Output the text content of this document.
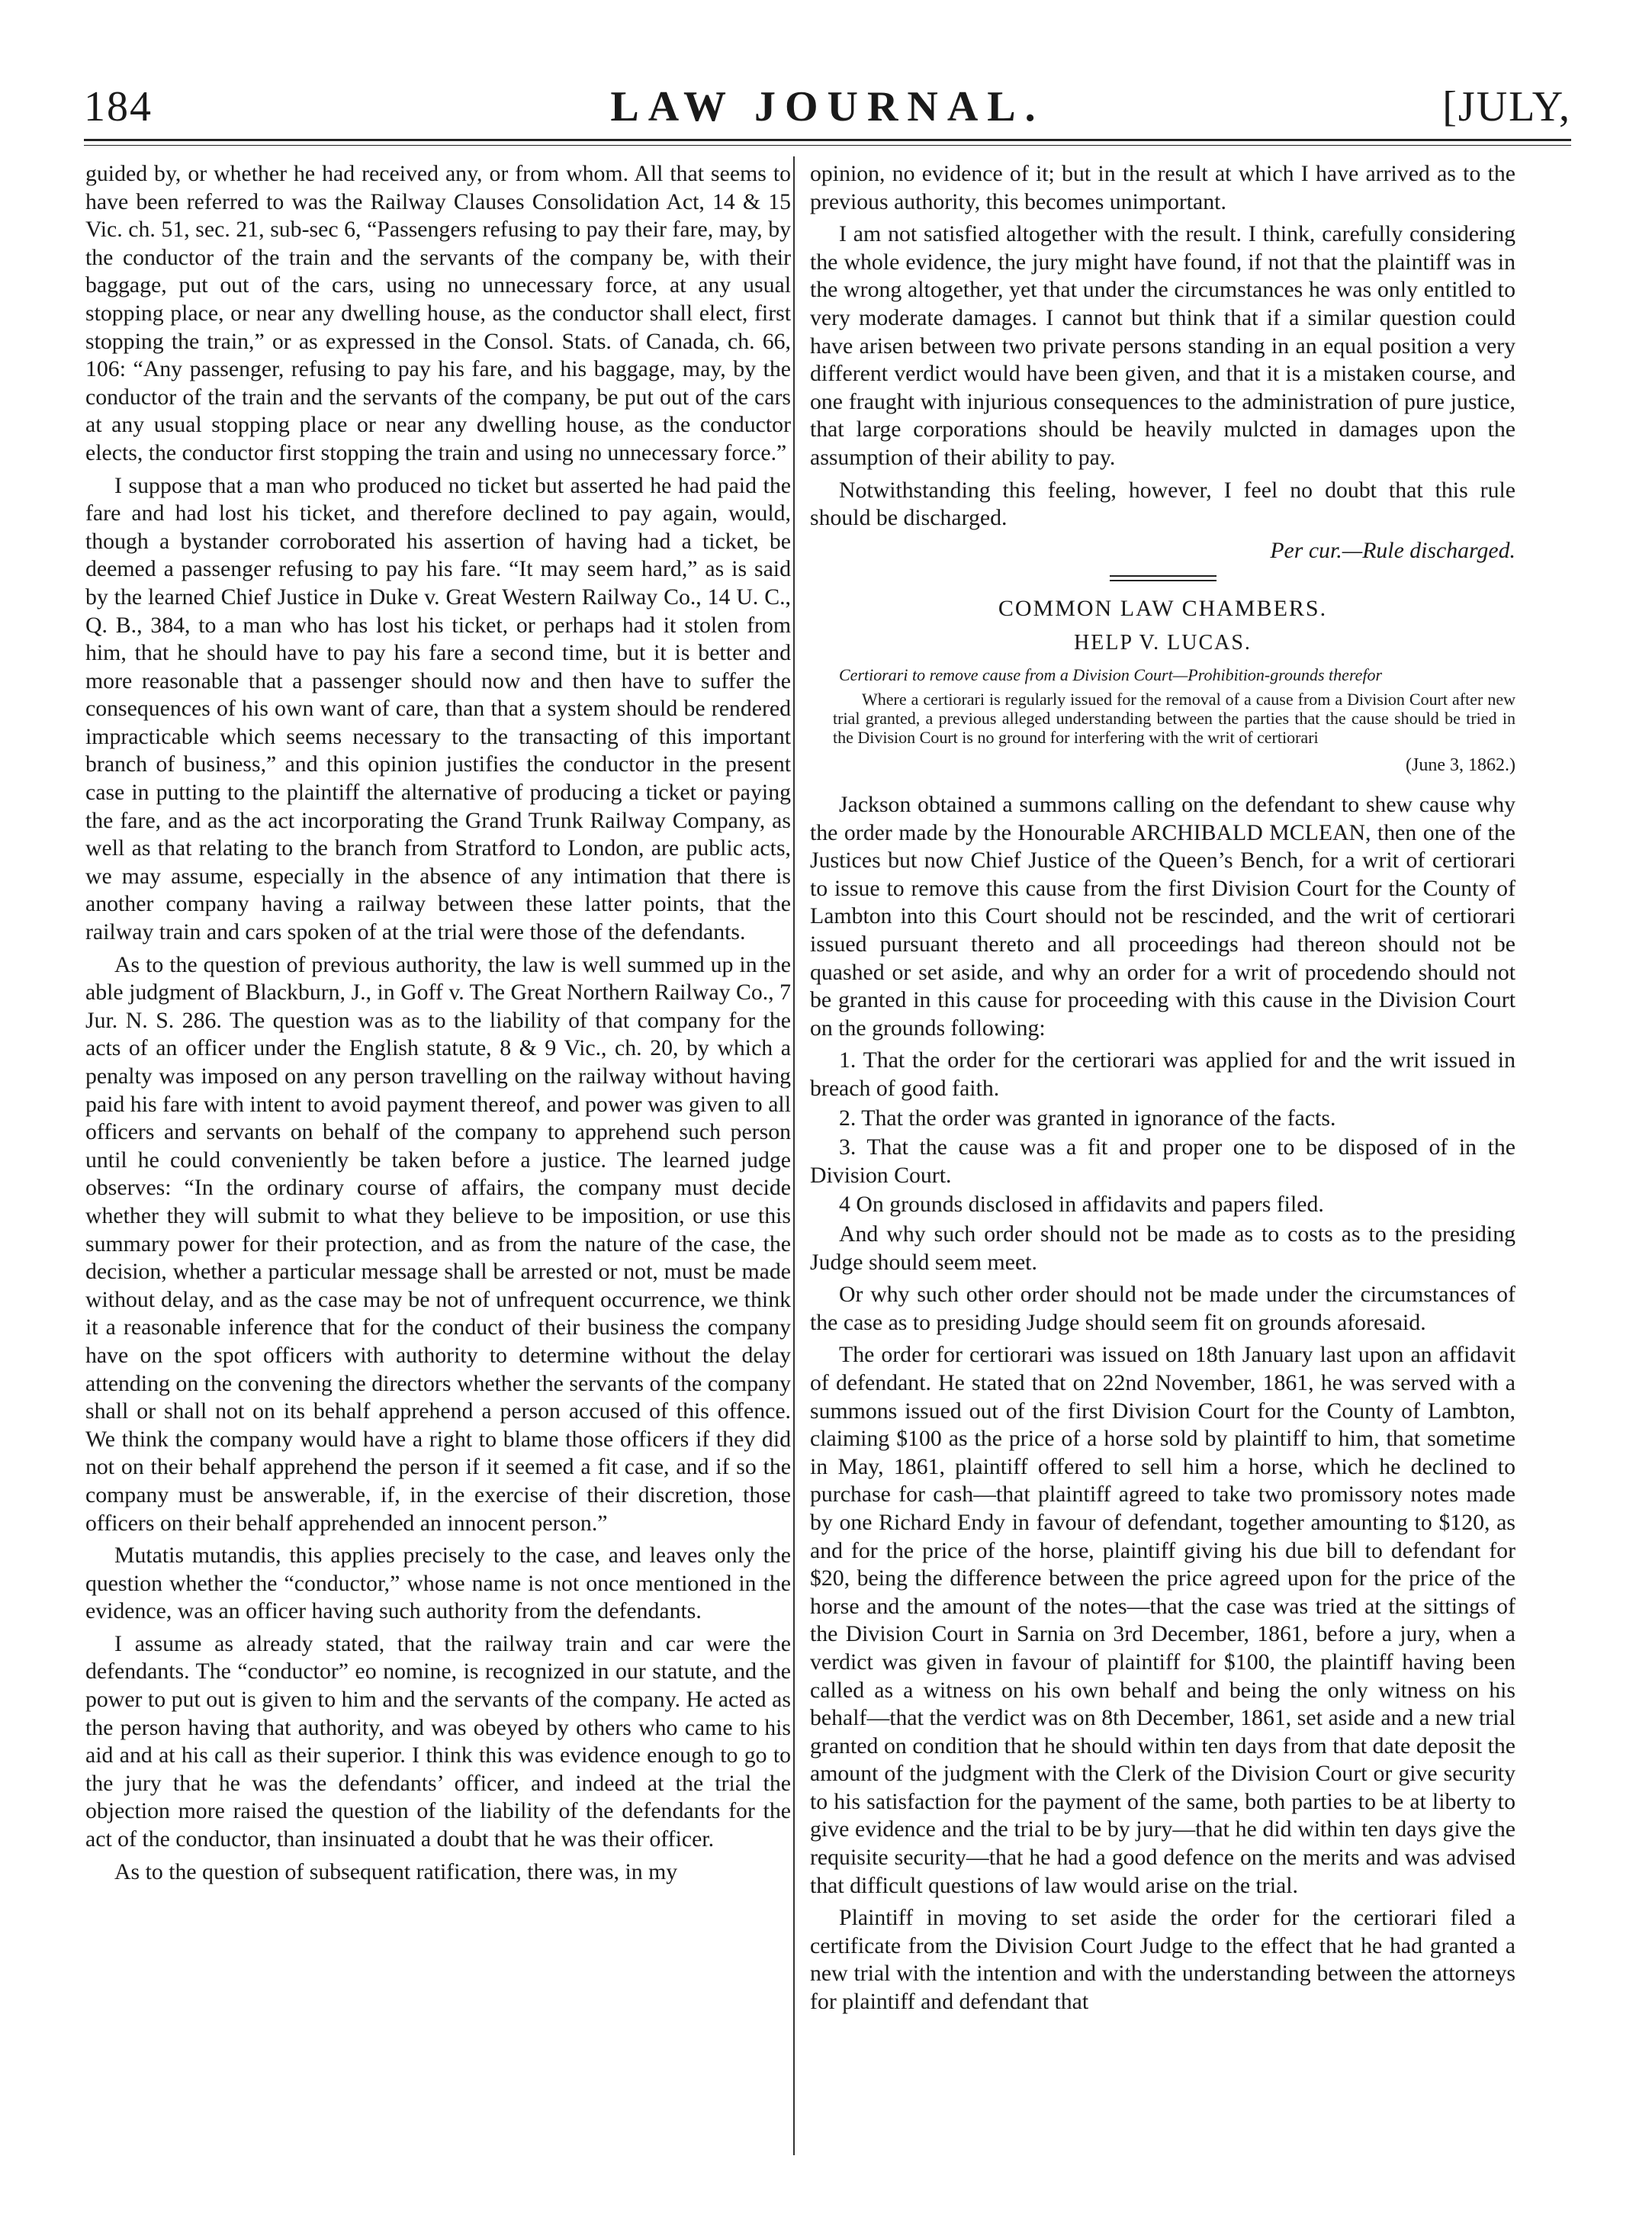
184	LAW JOURNAL.	[JULY,

guided by, or whether he had received any, or from whom. All that seems to have been referred to was the Railway Clauses Consolidation Act, 14 & 15 Vic. ch. 51, sec. 21, sub-sec 6, “Passengers refusing to pay their fare, may, by the conductor of the train and the servants of the company be, with their baggage, put out of the cars, using no unnecessary force, at any usual stopping place, or near any dwelling house, as the conductor shall elect, first stopping the train,” or as expressed in the Consol. Stats. of Canada, ch. 66, 106: “Any passenger, refusing to pay his fare, and his baggage, may, by the conductor of the train and the servants of the company, be put out of the cars at any usual stopping place or near any dwelling house, as the conductor elects, the conductor first stopping the train and using no unnecessary force.”

I suppose that a man who produced no ticket but asserted he had paid the fare and had lost his ticket, and therefore declined to pay again, would, though a bystander corroborated his assertion of having had a ticket, be deemed a passenger refusing to pay his fare. “It may seem hard,” as is said by the learned Chief Justice in Duke v. Great Western Railway Co., 14 U. C., Q. B., 384, to a man who has lost his ticket, or perhaps had it stolen from him, that he should have to pay his fare a second time, but it is better and more reasonable that a passenger should now and then have to suffer the consequences of his own want of care, than that a system should be rendered impracticable which seems necessary to the transacting of this important branch of business,” and this opinion justifies the conductor in the present case in putting to the plaintiff the alternative of producing a ticket or paying the fare, and as the act incorporating the Grand Trunk Railway Company, as well as that relating to the branch from Stratford to London, are public acts, we may assume, especially in the absence of any intimation that there is another company having a railway between these latter points, that the railway train and cars spoken of at the trial were those of the defendants.

As to the question of previous authority, the law is well summed up in the able judgment of Blackburn, J., in Goff v. The Great Northern Railway Co., 7 Jur. N. S. 286. The question was as to the liability of that company for the acts of an officer under the English statute, 8 & 9 Vic., ch. 20, by which a penalty was imposed on any person travelling on the railway without having paid his fare with intent to avoid payment thereof, and power was given to all officers and servants on behalf of the company to apprehend such person until he could conveniently be taken before a justice. The learned judge observes: “In the ordinary course of affairs, the company must decide whether they will submit to what they believe to be imposition, or use this summary power for their protection, and as from the nature of the case, the decision, whether a particular message shall be arrested or not, must be made without delay, and as the case may be not of unfrequent occurrence, we think it a reasonable inference that for the conduct of their business the company have on the spot officers with authority to determine without the delay attending on the convening the directors whether the servants of the company shall or shall not on its behalf apprehend a person accused of this offence. We think the company would have a right to blame those officers if they did not on their behalf apprehend the person if it seemed a fit case, and if so the company must be answerable, if, in the exercise of their discretion, those officers on their behalf apprehended an innocent person.”

Mutatis mutandis, this applies precisely to the case, and leaves only the question whether the “conductor,” whose name is not once mentioned in the evidence, was an officer having such authority from the defendants.

I assume as already stated, that the railway train and car were the defendants. The “conductor” eo nomine, is recognized in our statute, and the power to put out is given to him and the servants of the company. He acted as the person having that authority, and was obeyed by others who came to his aid and at his call as their superior. I think this was evidence enough to go to the jury that he was the defendants’ officer, and indeed at the trial the objection more raised the question of the liability of the defendants for the act of the conductor, than insinuated a doubt that he was their officer.

As to the question of subsequent ratification, there was, in my

opinion, no evidence of it; but in the result at which I have arrived as to the previous authority, this becomes unimportant.

I am not satisfied altogether with the result. I think, carefully considering the whole evidence, the jury might have found, if not that the plaintiff was in the wrong altogether, yet that under the circumstances he was only entitled to very moderate damages. I cannot but think that if a similar question could have arisen between two private persons standing in an equal position a very different verdict would have been given, and that it is a mistaken course, and one fraught with injurious consequences to the administration of pure justice, that large corporations should be heavily mulcted in damages upon the assumption of their ability to pay.

Notwithstanding this feeling, however, I feel no doubt that this rule should be discharged.

Per cur.—Rule discharged.

COMMON LAW CHAMBERS.
HELP V. LUCAS.

Certiorari to remove cause from a Division Court—Prohibition-grounds therefor

Where a certiorari is regularly issued for the removal of a cause from a Division Court after new trial granted, a previous alleged understanding between the parties that the cause should be tried in the Division Court is no ground for interfering with the writ of certiorari

(June 3, 1862.)

Jackson obtained a summons calling on the defendant to shew cause why the order made by the Honourable ARCHIBALD MCLEAN, then one of the Justices but now Chief Justice of the Queen’s Bench, for a writ of certiorari to issue to remove this cause from the first Division Court for the County of Lambton into this Court should not be rescinded, and the writ of certiorari issued pursuant thereto and all proceedings had thereon should not be quashed or set aside, and why an order for a writ of procedendo should not be granted in this cause for proceeding with this cause in the Division Court on the grounds following:

1. That the order for the certiorari was applied for and the writ issued in breach of good faith.

2. That the order was granted in ignorance of the facts.

3. That the cause was a fit and proper one to be disposed of in the Division Court.

4 On grounds disclosed in affidavits and papers filed.

And why such order should not be made as to costs as to the presiding Judge should seem meet.

Or why such other order should not be made under the circumstances of the case as to presiding Judge should seem fit on grounds aforesaid.

The order for certiorari was issued on 18th January last upon an affidavit of defendant. He stated that on 22nd November, 1861, he was served with a summons issued out of the first Division Court for the County of Lambton, claiming $100 as the price of a horse sold by plaintiff to him, that sometime in May, 1861, plaintiff offered to sell him a horse, which he declined to purchase for cash—that plaintiff agreed to take two promissory notes made by one Richard Endy in favour of defendant, together amounting to $120, as and for the price of the horse, plaintiff giving his due bill to defendant for $20, being the difference between the price agreed upon for the price of the horse and the amount of the notes—that the case was tried at the sittings of the Division Court in Sarnia on 3rd December, 1861, before a jury, when a verdict was given in favour of plaintiff for $100, the plaintiff having been called as a witness on his own behalf and being the only witness on his behalf—that the verdict was on 8th December, 1861, set aside and a new trial granted on condition that he should within ten days from that date deposit the amount of the judgment with the Clerk of the Division Court or give security to his satisfaction for the payment of the same, both parties to be at liberty to give evidence and the trial to be by jury—that he did within ten days give the requisite security—that he had a good defence on the merits and was advised that difficult questions of law would arise on the trial.

Plaintiff in moving to set aside the order for the certiorari filed a certificate from the Division Court Judge to the effect that he had granted a new trial with the intention and with the understanding between the attorneys for plaintiff and defendant that
